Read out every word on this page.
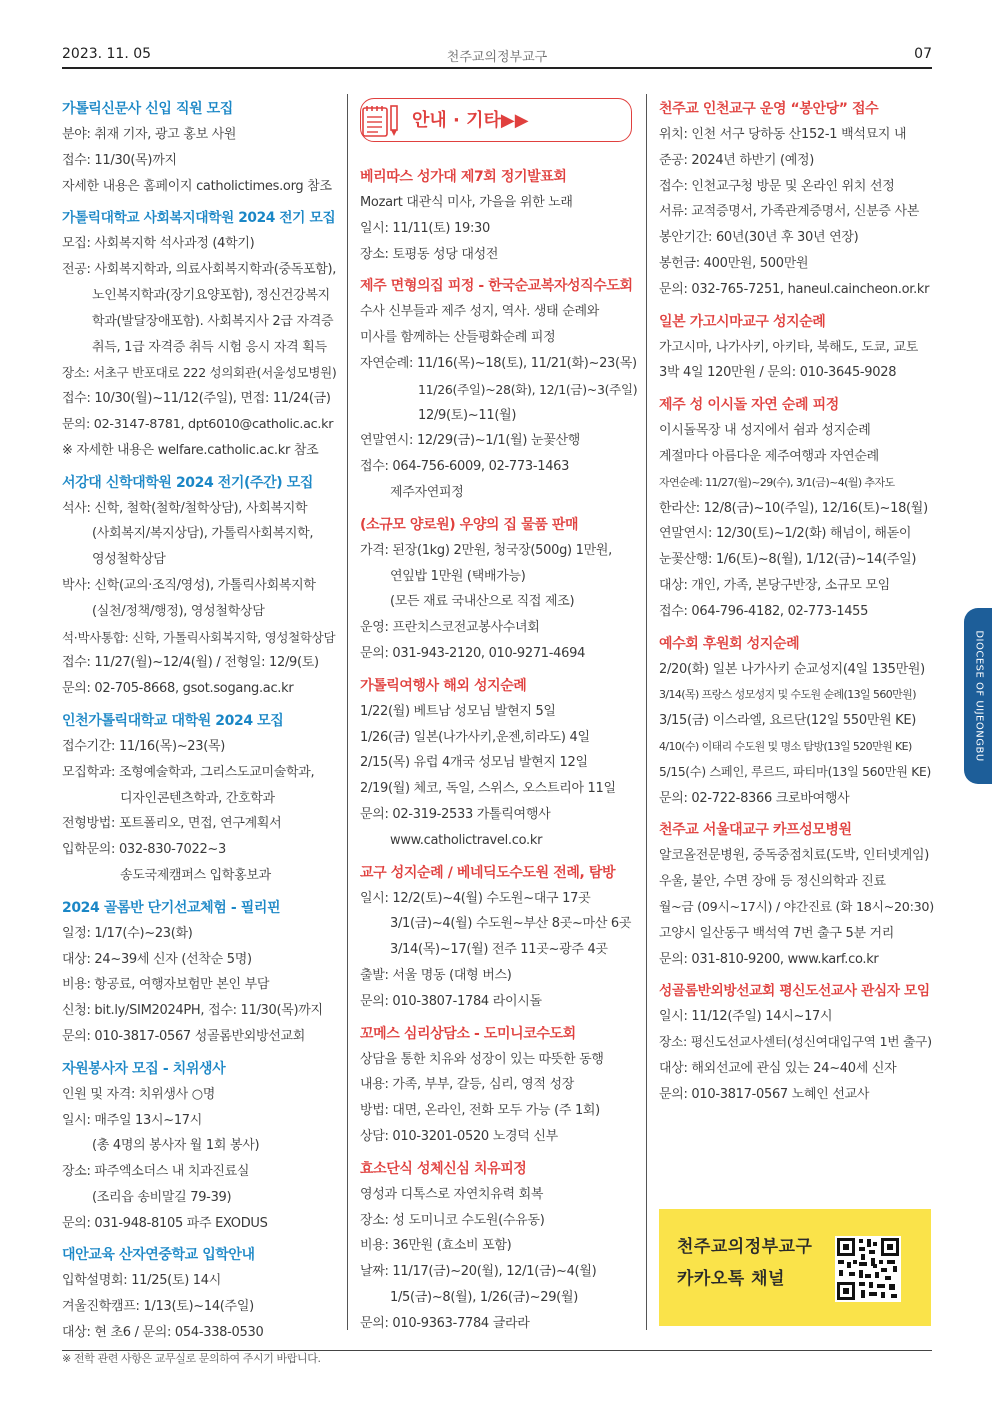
2023. 11. 05	천주교의정부교구	07
가톨릭신문사 신입 직원 모집
분야: 취재 기자, 광고 홍보 사원
접수: 11/30(목)까지
자세한 내용은 홈페이지 catholictimes.org 참조
가톨릭대학교 사회복지대학원 2024 전기 모집
모집: 사회복지학 석사과정 (4학기)
전공: 사회복지학과, 의료사회복지학과(중독포함),
노인복지학과(장기요양포함), 정신건강복지
학과(발달장애포함). 사회복지사 2급 자격증
취득, 1급 자격증 취득 시험 응시 자격 획득
장소: 서초구 반포대로 222 성의회관(서울성모병원)
접수: 10/30(월)~11/12(주일), 면접: 11/24(금)
문의: 02-3147-8781, dpt6010@catholic.ac.kr
※ 자세한 내용은 welfare.catholic.ac.kr 참조
서강대 신학대학원 2024 전기(주간) 모집
석사: 신학, 철학(철학/철학상담), 사회복지학
(사회복지/복지상담), 가톨릭사회복지학,
영성철학상담
박사: 신학(교의·조직/영성), 가톨릭사회복지학
(실천/정책/행정), 영성철학상담
석·박사통합: 신학, 가톨릭사회복지학, 영성철학상담
접수: 11/27(월)~12/4(월) / 전형일: 12/9(토)
문의: 02-705-8668, gsot.sogang.ac.kr
인천가톨릭대학교 대학원 2024 모집
접수기간: 11/16(목)~23(목)
모집학과: 조형예술학과, 그리스도교미술학과,
디자인콘텐츠학과, 간호학과
전형방법: 포트폴리오, 면접, 연구계획서
입학문의: 032-830-7022~3
송도국제캠퍼스 입학홍보과
2024 골롬반 단기선교체험 - 필리핀
일정: 1/17(수)~23(화)
대상: 24~39세 신자 (선착순 5명)
비용: 항공료, 여행자보험만 본인 부담
신청: bit.ly/SIM2024PH, 접수: 11/30(목)까지
문의: 010-3817-0567 성골롬반외방선교회
자원봉사자 모집 - 치위생사
인원 및 자격: 치위생사 ○명
일시: 매주일 13시~17시
(총 4명의 봉사자 월 1회 봉사)
장소: 파주엑소더스 내 치과진료실
(조리읍 송비말길 79-39)
문의: 031-948-8105 파주 EXODUS
대안교육 산자연중학교 입학안내
입학설명회: 11/25(토) 14시
겨울진학캠프: 1/13(토)~14(주일)
대상: 현 초6 / 문의: 054-338-0530
※ 전학 관련 사항은 교무실로 문의하여 주시기 바랍니다.
안내 · 기타▶▶
베리따스 성가대 제7회 정기발표회
Mozart 대관식 미사, 가을을 위한 노래
일시: 11/11(토) 19:30
장소: 토평동 성당 대성전
제주 면형의집 피정 - 한국순교복자성직수도회
수사 신부들과 제주 성지, 역사. 생태 순례와
미사를 함께하는 산들평화순례 피정
자연순례: 11/16(목)~18(토), 11/21(화)~23(목)
11/26(주일)~28(화), 12/1(금)~3(주일)
12/9(토)~11(월)
연말연시: 12/29(금)~1/1(월) 눈꽃산행
접수: 064-756-6009, 02-773-1463
제주자연피정
(소규모 양로원) 우양의 집 물품 판매
가격: 된장(1kg) 2만원, 청국장(500g) 1만원,
연잎밥 1만원 (택배가능)
(모든 재료 국내산으로 직접 제조)
운영: 프란치스코전교봉사수녀회
문의: 031-943-2120, 010-9271-4694
가톨릭여행사 해외 성지순례
1/22(월) 베트남 성모님 발현지 5일
1/26(금) 일본(나가사키,운젠,히라도) 4일
2/15(목) 유럽 4개국 성모님 발현지 12일
2/19(월) 체코, 독일, 스위스, 오스트리아 11일
문의: 02-319-2533 가톨릭여행사
www.catholictravel.co.kr
교구 성지순례 / 베네딕도수도원 전례, 탐방
일시: 12/2(토)~4(월) 수도원~대구 17곳
3/1(금)~4(월) 수도원~부산 8곳~마산 6곳
3/14(목)~17(월) 전주 11곳~광주 4곳
출발: 서울 명동 (대형 버스)
문의: 010-3807-1784 라이시돌
꼬메스 심리상담소 - 도미니코수도회
상담을 통한 치유와 성장이 있는 따뜻한 동행
내용: 가족, 부부, 갈등, 심리, 영적 성장
방법: 대면, 온라인, 전화 모두 가능 (주 1회)
상담: 010-3201-0520 노경덕 신부
효소단식 성체신심 치유피정
영성과 디톡스로 자연치유력 회복
장소: 성 도미니코 수도원(수유동)
비용: 36만원 (효소비 포함)
날짜: 11/17(금)~20(월), 12/1(금)~4(월)
1/5(금)~8(월), 1/26(금)~29(월)
문의: 010-9363-7784 글라라
천주교 인천교구 운영 “봉안당” 접수
위치: 인천 서구 당하동 산152-1 백석묘지 내
준공: 2024년 하반기 (예정)
접수: 인천교구청 방문 및 온라인 위치 선정
서류: 교적증명서, 가족관계증명서, 신분증 사본
봉안기간: 60년(30년 후 30년 연장)
봉헌금: 400만원, 500만원
문의: 032-765-7251, haneul.caincheon.or.kr
일본 가고시마교구 성지순례
가고시마, 나가사키, 아키타, 북해도, 도쿄, 교토
3박 4일 120만원 / 문의: 010-3645-9028
제주 성 이시돌 자연 순례 피정
이시돌목장 내 성지에서 쉼과 성지순례
계절마다 아름다운 제주여행과 자연순례
자연순례: 11/27(월)~29(수), 3/1(금)~4(월) 추자도
한라산: 12/8(금)~10(주일), 12/16(토)~18(월)
연말연시: 12/30(토)~1/2(화) 해넘이, 해돋이
눈꽃산행: 1/6(토)~8(월), 1/12(금)~14(주일)
대상: 개인, 가족, 본당구반장, 소규모 모임
접수: 064-796-4182, 02-773-1455
예수회 후원회 성지순례
2/20(화) 일본 나가사키 순교성지(4일 135만원)
3/14(목) 프랑스 성모성지 및 수도원 순례(13일 560만원)
3/15(금) 이스라엘, 요르단(12일 550만원 KE)
4/10(수) 이태리 수도원 및 명소 탐방(13일 520만원 KE)
5/15(수) 스페인, 루르드, 파티마(13일 560만원 KE)
문의: 02-722-8366 크로바여행사
천주교 서울대교구 카프성모병원
알코올전문병원, 중독중점치료(도박, 인터넷게임)
우울, 불안, 수면 장애 등 정신의학과 진료
월~금 (09시~17시) / 야간진료 (화 18시~20:30)
고양시 일산동구 백석역 7번 출구 5분 거리
문의: 031-810-9200, www.karf.co.kr
성골롬반외방선교회 평신도선교사 관심자 모임
일시: 11/12(주일) 14시~17시
장소: 평신도선교사센터(성신여대입구역 1번 출구)
대상: 해외선교에 관심 있는 24~40세 신자
문의: 010-3817-0567 노혜인 선교사
천주교의정부교구
카카오톡 채널
DIOCESE OF UIJEONGBU
